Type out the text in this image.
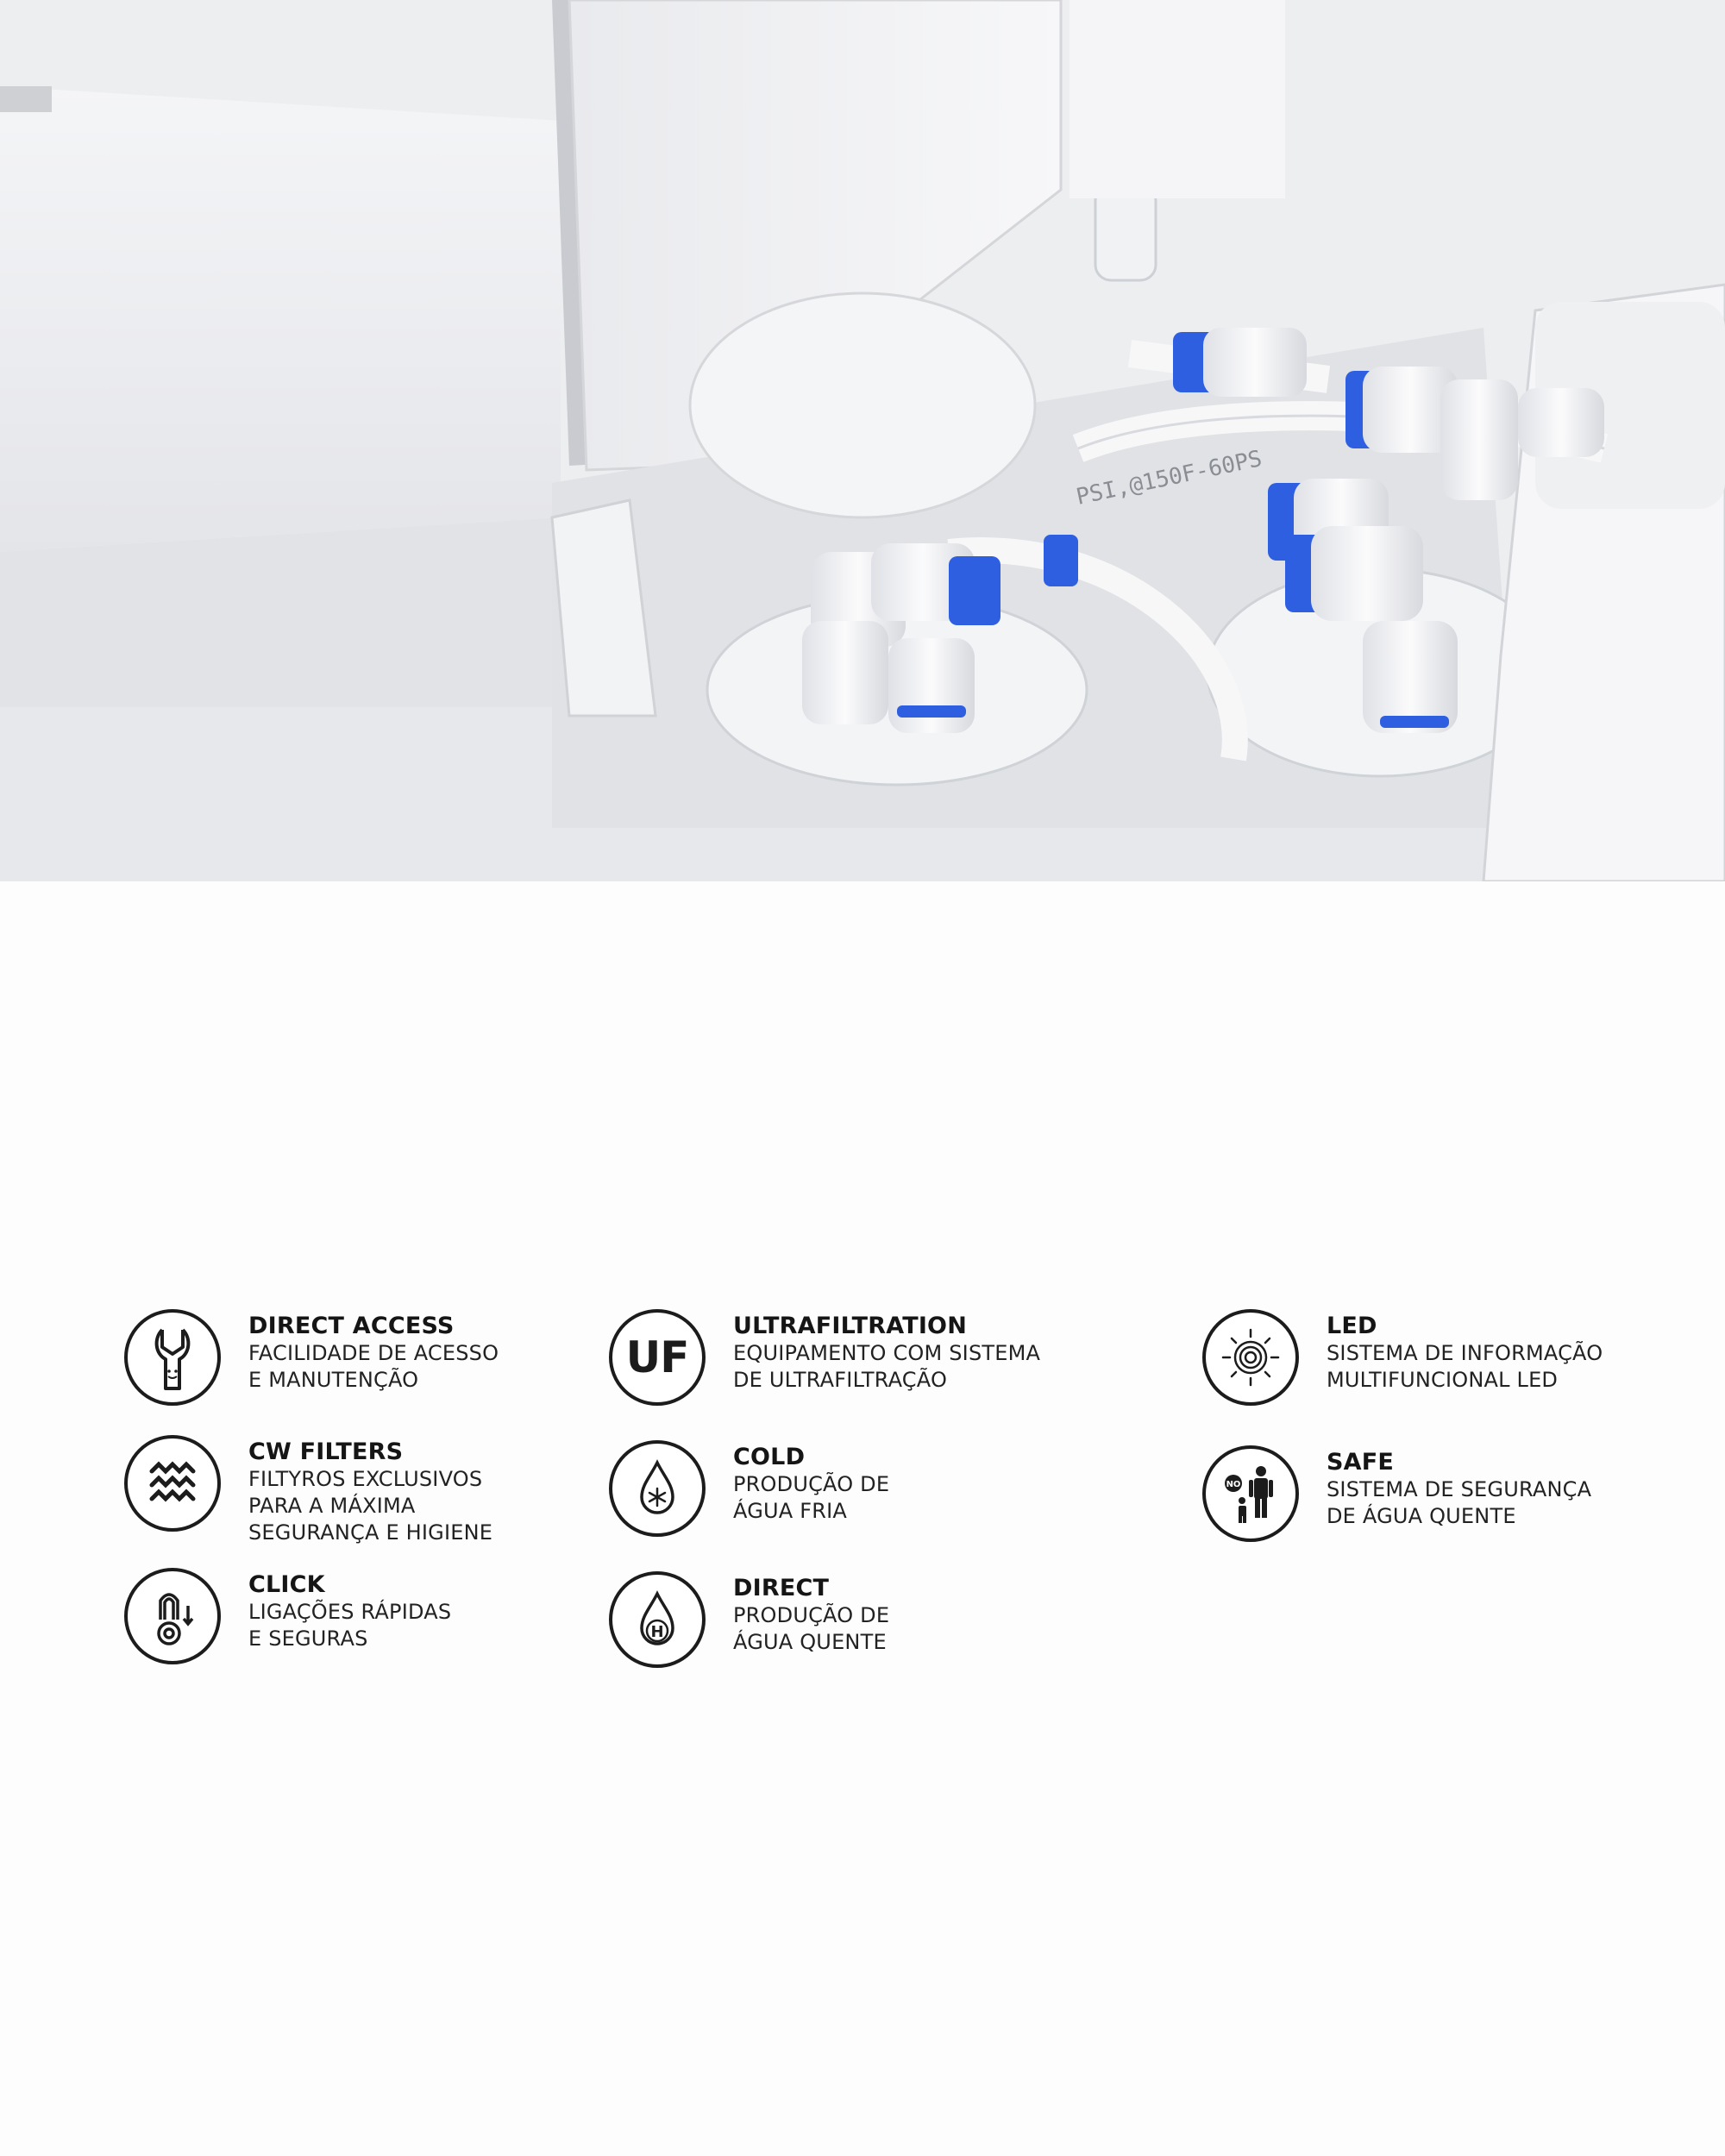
PSI,@150F-60PS
DIRECT ACCESS
FACILIDADE DE ACESSO
E MANUTENÇÃO
CW FILTERS
FILTYROS EXCLUSIVOS
PARA A MÁXIMA
SEGURANÇA E HIGIENE
CLICK
LIGAÇÕES RÁPIDAS
E SEGURAS
UF
ULTRAFILTRATION
EQUIPAMENTO COM SISTEMA
DE ULTRAFILTRAÇÃO
COLD
PRODUÇÃO DE
ÁGUA FRIA
H
DIRECT
PRODUÇÃO DE
ÁGUA QUENTE
LED
SISTEMA DE INFORMAÇÃO
MULTIFUNCIONAL LED
NO
SAFE
SISTEMA DE SEGURANÇA
DE ÁGUA QUENTE
